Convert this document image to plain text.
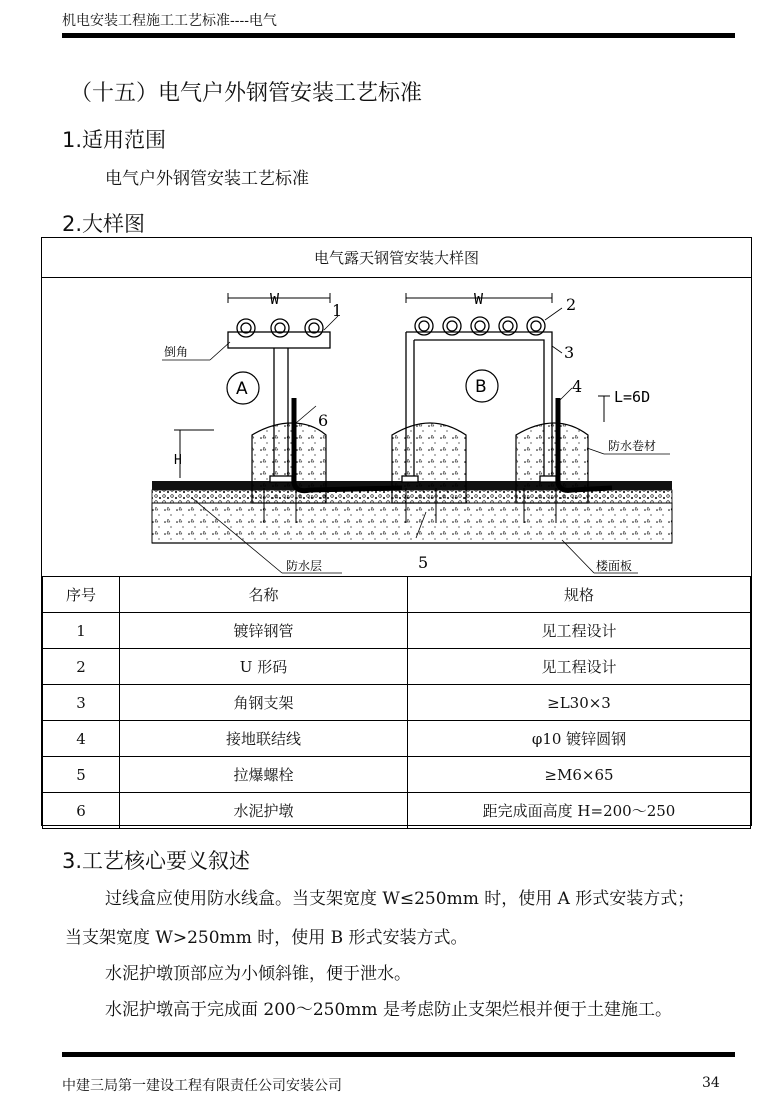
机电安装工程施工工艺标准----电气
（十五）电气户外钢管安装工艺标准
1.适用范围
电气户外钢管安装工艺标准
2.大样图
电气露天钢管安装大样图
W	W
H
1	2
3
4
5
6
倒角
L=6D
防水卷材
防水层	楼面板
A	B
序号	名称	规格
1	镀锌钢管	见工程设计
2	U 形码	见工程设计
3	角钢支架	≥L30×3
4	接地联结线	φ10 镀锌圆钢
5	拉爆螺栓	≥M6×65
6	水泥护墩	距完成面高度 H=200～250
3.工艺核心要义叙述
过线盒应使用防水线盒。当支架宽度 W≤250mm 时，使用 A 形式安装方式；
当支架宽度 W>250mm 时，使用 B 形式安装方式。
水泥护墩顶部应为小倾斜锥，便于泄水。
水泥护墩高于完成面 200～250mm 是考虑防止支架烂根并便于土建施工。
中建三局第一建设工程有限责任公司安装公司	34
